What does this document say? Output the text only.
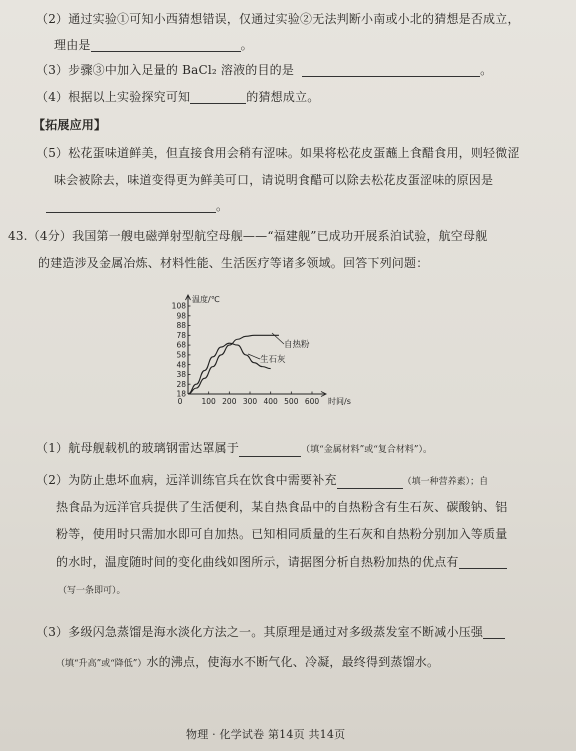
（2）通过实验①可知小西猜想错误，仅通过实验②无法判断小南或小北的猜想是否成立，
理由是	。
（3）步骤③中加入足量的 BaCl₂ 溶液的目的是	。
（4）根据以上实验探究可知	的猜想成立。
【拓展应用】
（5）松花蛋味道鲜美，但直接食用会稍有涩味。如果将松花皮蛋蘸上食醋食用，则轻微涩
味会被除去，味道变得更为鲜美可口，请说明食醋可以除去松花皮蛋涩味的原因是
。
43.（4分）我国第一艘电磁弹射型航空母舰——“福建舰”已成功开展系泊试验，航空母舰
的建造涉及金属冶炼、材料性能、生活医疗等诸多领域。回答下列问题：
108
98
88
78
68
58
48
38
28
18
0	100 200 300 400 500 600
温度/℃
时间/s
自热粉
生石灰
（1）航母舰载机的玻璃钢雷达罩属于	（填“金属材料”或“复合材料”）。
（2）为防止患坏血病，远洋训练官兵在饮食中需要补充	（填一种营养素）；自
热食品为远洋官兵提供了生活便利，某自热食品中的自热粉含有生石灰、碳酸钠、铝
粉等，使用时只需加水即可自加热。已知相同质量的生石灰和自热粉分别加入等质量
的水时，温度随时间的变化曲线如图所示，请据图分析自热粉加热的优点有
（写一条即可）。
（3）多级闪急蒸馏是海水淡化方法之一。其原理是通过对多级蒸发室不断减小压强
（填“升高”或“降低”）水的沸点，使海水不断气化、冷凝，最终得到蒸馏水。
物理 · 化学试卷 第14页 共14页
